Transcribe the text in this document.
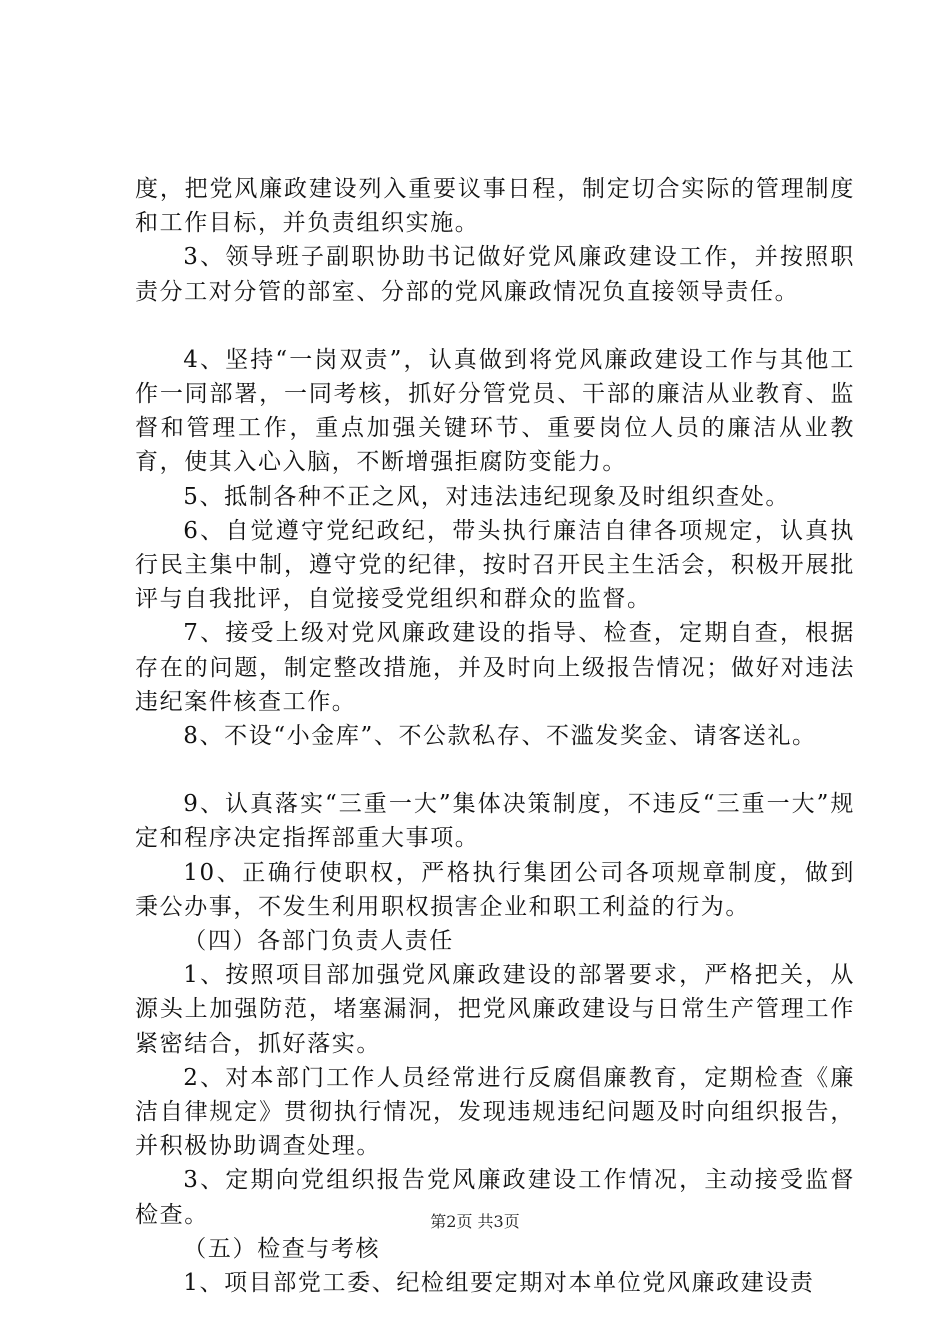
度，把党风廉政建设列入重要议事日程，制定切合实际的管理制度和工作目标，并负责组织实施。

3、领导班子副职协助书记做好党风廉政建设工作，并按照职责分工对分管的部室、分部的党风廉政情况负直接领导责任。

4、坚持“一岗双责”，认真做到将党风廉政建设工作与其他工作一同部署，一同考核，抓好分管党员、干部的廉洁从业教育、监督和管理工作，重点加强关键环节、重要岗位人员的廉洁从业教育，使其入心入脑，不断增强拒腐防变能力。

5、抵制各种不正之风，对违法违纪现象及时组织查处。

6、自觉遵守党纪政纪，带头执行廉洁自律各项规定，认真执行民主集中制，遵守党的纪律，按时召开民主生活会，积极开展批评与自我批评，自觉接受党组织和群众的监督。

7、接受上级对党风廉政建设的指导、检查，定期自查，根据存在的问题，制定整改措施，并及时向上级报告情况；做好对违法违纪案件核查工作。

8、不设“小金库”、不公款私存、不滥发奖金、请客送礼。

9、认真落实“三重一大”集体决策制度，不违反“三重一大”规定和程序决定指挥部重大事项。

10、正确行使职权，严格执行集团公司各项规章制度，做到秉公办事，不发生利用职权损害企业和职工利益的行为。

（四）各部门负责人责任

1、按照项目部加强党风廉政建设的部署要求，严格把关，从源头上加强防范，堵塞漏洞，把党风廉政建设与日常生产管理工作紧密结合，抓好落实。

2、对本部门工作人员经常进行反腐倡廉教育，定期检查《廉洁自律规定》贯彻执行情况，发现违规违纪问题及时向组织报告，并积极协助调查处理。

3、定期向党组织报告党风廉政建设工作情况，主动接受监督检查。

（五）检查与考核

1、项目部党工委、纪检组要定期对本单位党风廉政建设责

第2页 共3页
